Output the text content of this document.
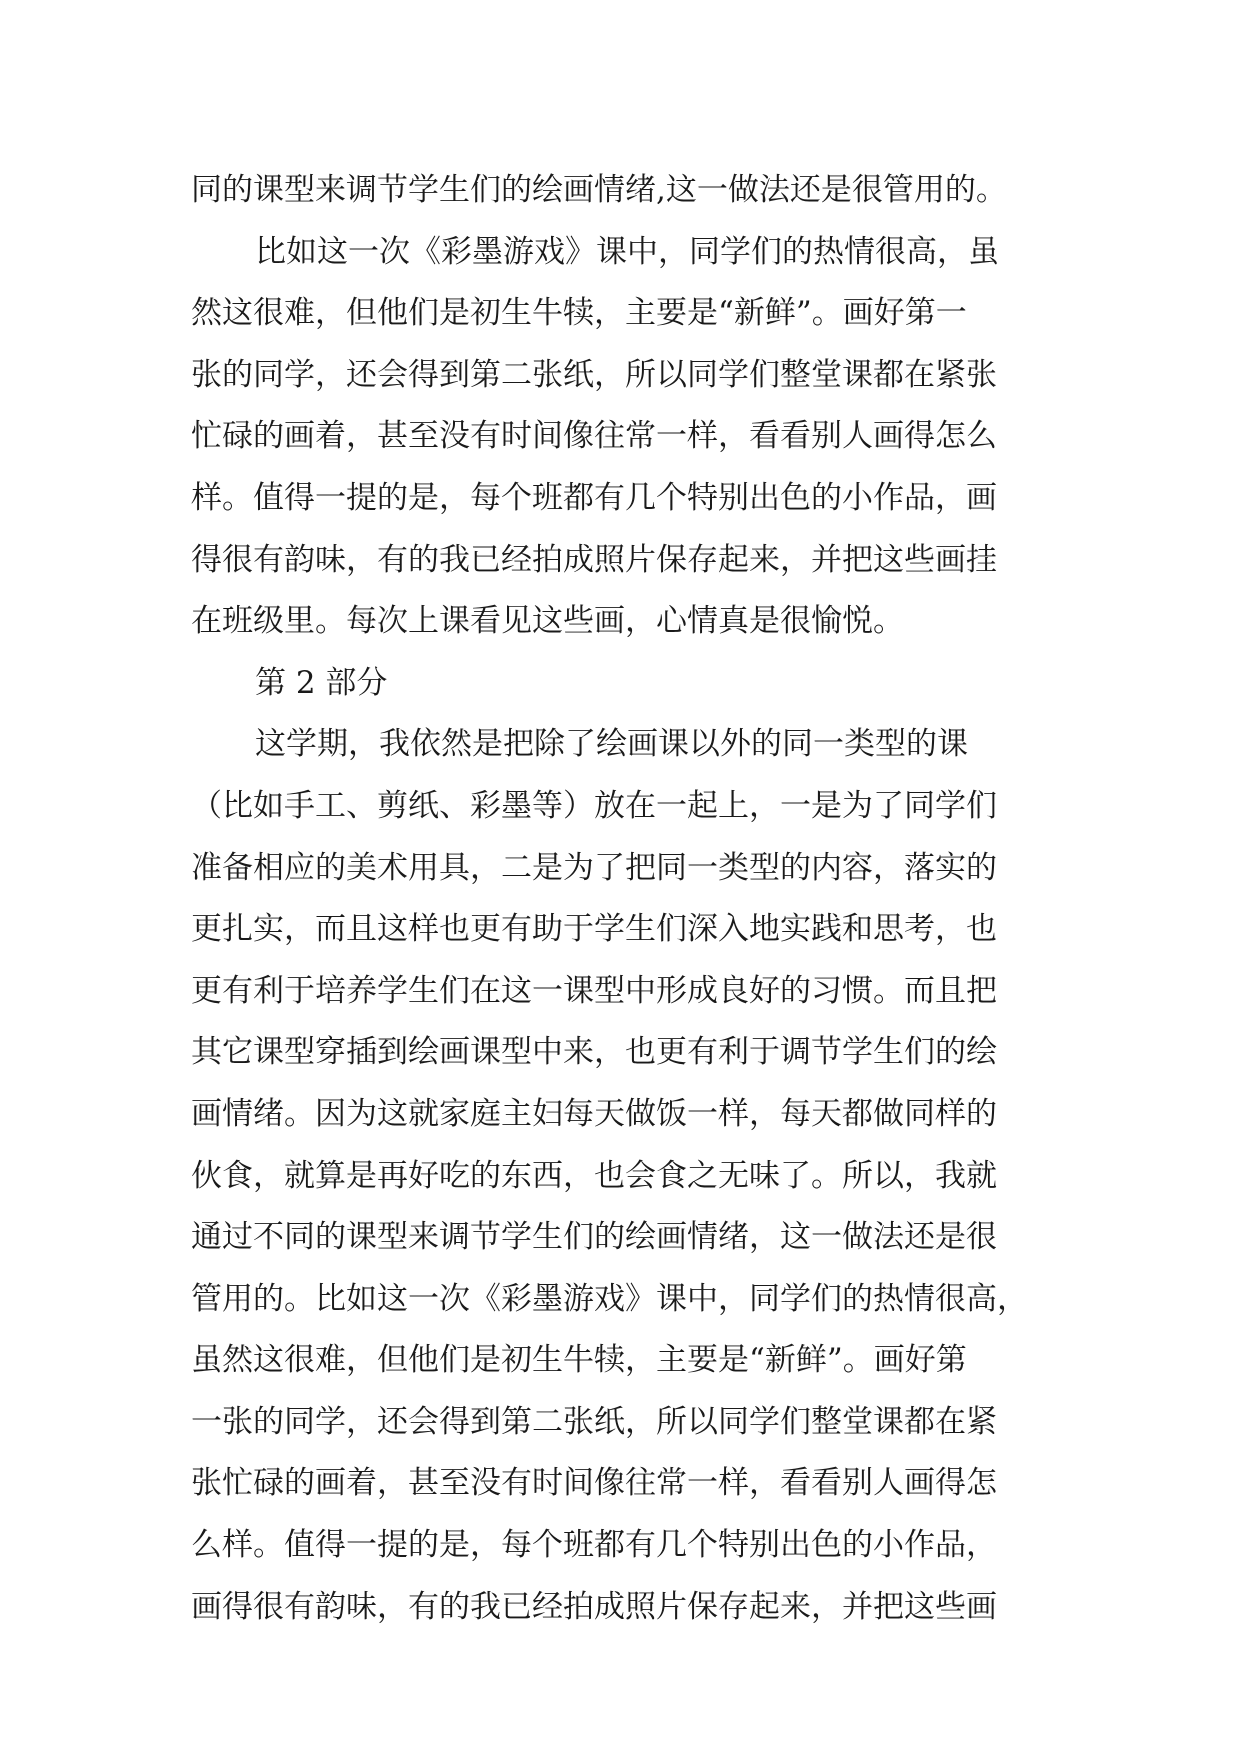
同的课型来调节学生们的绘画情绪,这一做法还是很管用的。
比如这一次《彩墨游戏》课中，同学们的热情很高，虽
然这很难，但他们是初生牛犊，主要是“新鲜”。画好第一
张的同学，还会得到第二张纸，所以同学们整堂课都在紧张
忙碌的画着，甚至没有时间像往常一样，看看别人画得怎么
样。值得一提的是，每个班都有几个特别出色的小作品，画
得很有韵味，有的我已经拍成照片保存起来，并把这些画挂
在班级里。每次上课看见这些画，心情真是很愉悦。
第 2 部分
这学期，我依然是把除了绘画课以外的同一类型的课
（比如手工、剪纸、彩墨等）放在一起上，一是为了同学们
准备相应的美术用具，二是为了把同一类型的内容，落实的
更扎实，而且这样也更有助于学生们深入地实践和思考，也
更有利于培养学生们在这一课型中形成良好的习惯。而且把
其它课型穿插到绘画课型中来，也更有利于调节学生们的绘
画情绪。因为这就家庭主妇每天做饭一样，每天都做同样的
伙食，就算是再好吃的东西，也会食之无味了。所以，我就
通过不同的课型来调节学生们的绘画情绪，这一做法还是很
管用的。比如这一次《彩墨游戏》课中，同学们的热情很高，
虽然这很难，但他们是初生牛犊，主要是“新鲜”。画好第
一张的同学，还会得到第二张纸，所以同学们整堂课都在紧
张忙碌的画着，甚至没有时间像往常一样，看看别人画得怎
么样。值得一提的是，每个班都有几个特别出色的小作品，
画得很有韵味，有的我已经拍成照片保存起来，并把这些画
